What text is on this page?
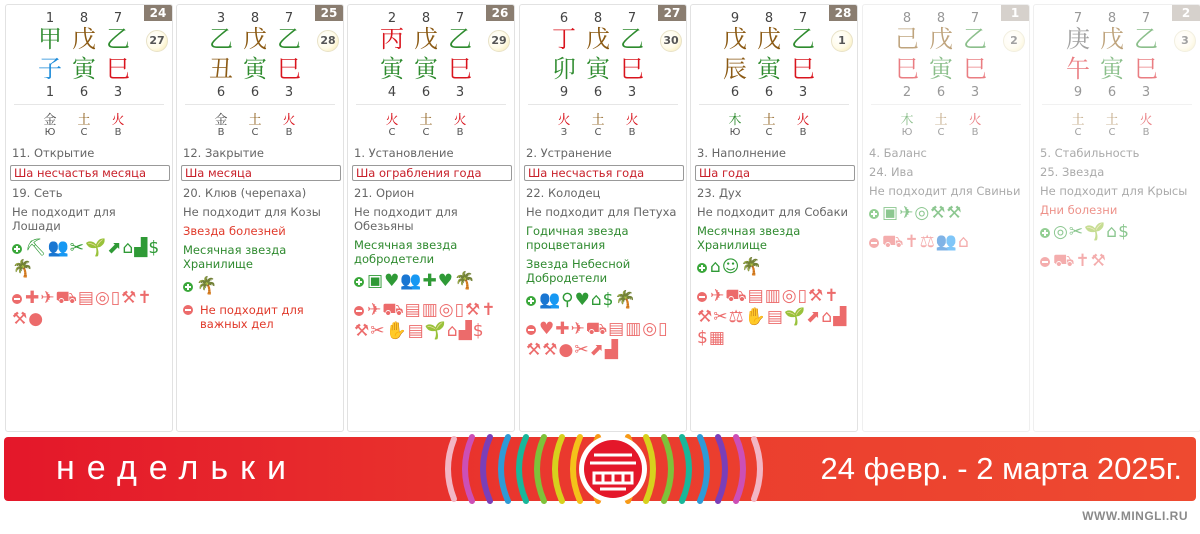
24
1	8	7
甲 戊 乙
子 寅 巳
27
1	6	3
金 土 火
Ю	С	В
11. Открытие
Ша несчастья месяца
19. Сеть
Не подходит для Лошади
⛏👥✂🌱⬈⌂▟$🌴
✚✈⛟▤◎▯⚒✝⚒●
25
3	8	7
乙 戊 乙
丑 寅 巳
28
6	6	3
金 土 火
В	С	В
12. Закрытие
Ша месяца
20. Клюв (черепаха)
Не подходит для Козы
Звезда болезней
Месячная звезда Хранилище
🌴
Не подходит для важных дел
26
2	8	7
丙 戊 乙
寅 寅 巳
29
4	6	3
火 土 火
С	С	В
1. Установление
Ша ограбления года
21. Орион
Не подходит для Обезьяны
Месячная звезда добродетели
▣♥👥✚♥🌴
✈⛟▤▥◎▯⚒✝⚒✂✋▤🌱⌂▟$
27
6	8	7
丁 戊 乙
卯 寅 巳
30
9	6	3
火 土 火
З	С	В
2. Устранение
Ша несчастья года
22. Колодец
Не подходит для Петуха
Годичная звезда процветания
Звезда Небесной Добродетели
👥⚲♥⌂$🌴
♥✚✈⛟▤▥◎▯⚒⚒●✂⬈▟
28
9	8	7
戊 戊 乙
辰 寅 巳
1
6	6	3
木 土 火
Ю	С	В
3. Наполнение
Ша года
23. Дух
Не подходит для Собаки
Месячная звезда Хранилище
⌂☺🌴
✈⛟▤▥◎▯⚒✝⚒✂⚖✋▤🌱⬈⌂▟$▦
1
8	8	7
己 戊 乙
巳 寅 巳
2
2	6	3
木 土 火
Ю	С	В
4. Баланс
24. Ива
Не подходит для Свиньи
▣✈◎⚒⚒
⛟✝⚖👥⌂
2
7	8	7
庚 戊 乙
午 寅 巳
3
9	6	3
土 土 火
С	С	В
5. Стабильность
25. Звезда
Не подходит для Крысы
Дни болезни
◎✂🌱⌂$
⛟✝⚒
недельки	24 февр. - 2 марта 2025г.
WWW.MINGLI.RU
